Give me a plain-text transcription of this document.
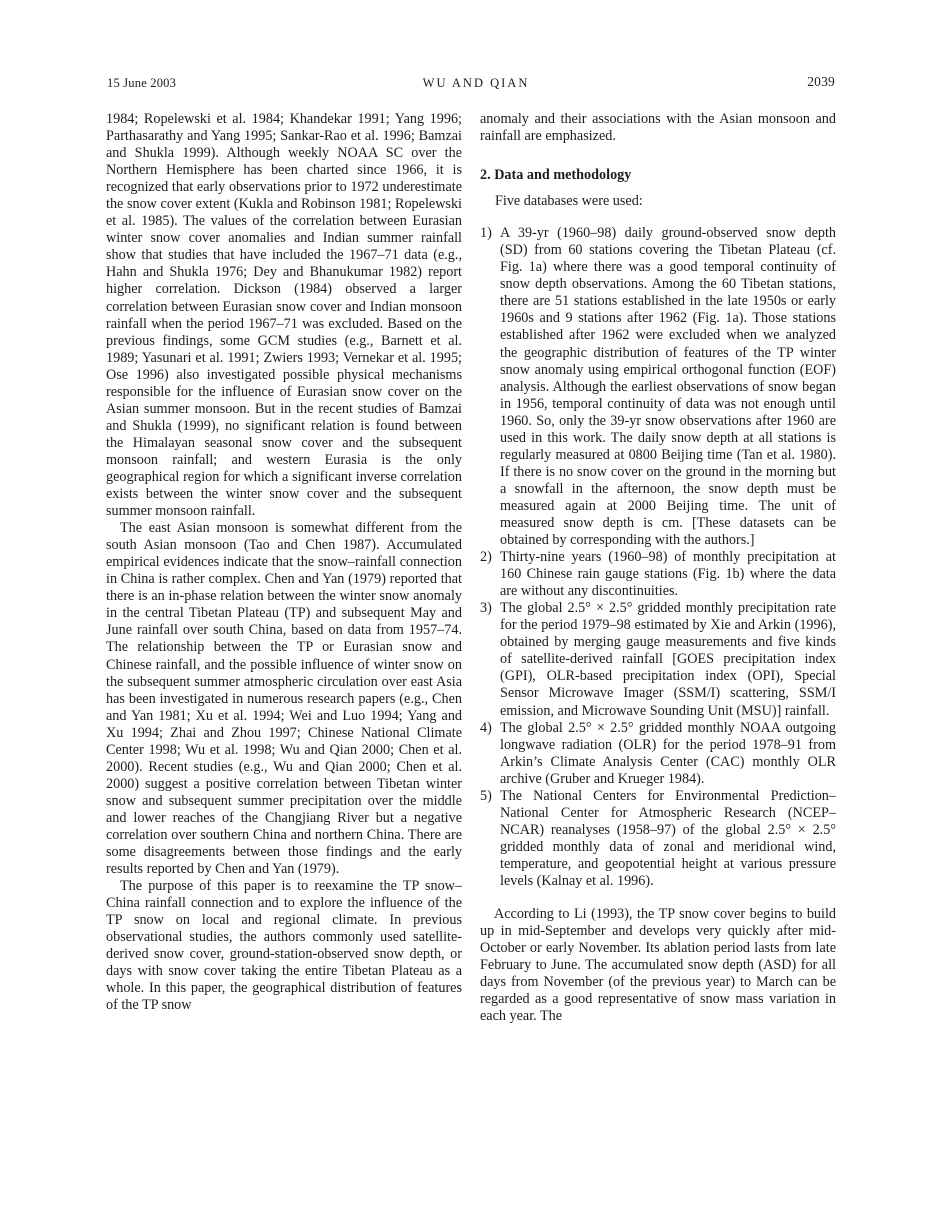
15 June 2003	WU AND QIAN	2039

1984; Ropelewski et al. 1984; Khandekar 1991; Yang 1996; Parthasarathy and Yang 1995; Sankar-Rao et al. 1996; Bamzai and Shukla 1999). Although weekly NOAA SC over the Northern Hemisphere has been charted since 1966, it is recognized that early observations prior to 1972 underestimate the snow cover extent (Kukla and Robinson 1981; Ropelewski et al. 1985). The values of the correlation between Eurasian winter snow cover anomalies and Indian summer rainfall show that studies that have included the 1967–71 data (e.g., Hahn and Shukla 1976; Dey and Bhanukumar 1982) report higher correlation. Dickson (1984) observed a larger correlation between Eurasian snow cover and Indian monsoon rainfall when the period 1967–71 was excluded. Based on the previous findings, some GCM studies (e.g., Barnett et al. 1989; Yasunari et al. 1991; Zwiers 1993; Vernekar et al. 1995; Ose 1996) also investigated possible physical mechanisms responsible for the influence of Eurasian snow cover on the Asian summer monsoon. But in the recent studies of Bamzai and Shukla (1999), no significant relation is found between the Himalayan seasonal snow cover and the subsequent monsoon rainfall; and western Eurasia is the only geographical region for which a significant inverse correlation exists between the winter snow cover and the subsequent summer monsoon rainfall.

The east Asian monsoon is somewhat different from the south Asian monsoon (Tao and Chen 1987). Accumulated empirical evidences indicate that the snow–rainfall connection in China is rather complex. Chen and Yan (1979) reported that there is an in-phase relation between the winter snow anomaly in the central Tibetan Plateau (TP) and subsequent May and June rainfall over south China, based on data from 1957–74. The relationship between the TP or Eurasian snow and Chinese rainfall, and the possible influence of winter snow on the subsequent summer atmospheric circulation over east Asia has been investigated in numerous research papers (e.g., Chen and Yan 1981; Xu et al. 1994; Wei and Luo 1994; Yang and Xu 1994; Zhai and Zhou 1997; Chinese National Climate Center 1998; Wu et al. 1998; Wu and Qian 2000; Chen et al. 2000). Recent studies (e.g., Wu and Qian 2000; Chen et al. 2000) suggest a positive correlation between Tibetan winter snow and subsequent summer precipitation over the middle and lower reaches of the Changjiang River but a negative correlation over southern China and northern China. There are some disagreements between those findings and the early results reported by Chen and Yan (1979).

The purpose of this paper is to reexamine the TP snow–China rainfall connection and to explore the influence of the TP snow on local and regional climate. In previous observational studies, the authors commonly used satellite-derived snow cover, ground-station-observed snow depth, or days with snow cover taking the entire Tibetan Plateau as a whole. In this paper, the geographical distribution of features of the TP snow

anomaly and their associations with the Asian monsoon and rainfall are emphasized.

2. Data and methodology

Five databases were used:

1) A 39-yr (1960–98) daily ground-observed snow depth (SD) from 60 stations covering the Tibetan Plateau (cf. Fig. 1a) where there was a good temporal continuity of snow depth observations. Among the 60 Tibetan stations, there are 51 stations established in the late 1950s or early 1960s and 9 stations after 1962 (Fig. 1a). Those stations established after 1962 were excluded when we analyzed the geographic distribution of features of the TP winter snow anomaly using empirical orthogonal function (EOF) analysis. Although the earliest observations of snow began in 1956, temporal continuity of data was not enough until 1960. So, only the 39-yr snow observations after 1960 are used in this work. The daily snow depth at all stations is regularly measured at 0800 Beijing time (Tan et al. 1980). If there is no snow cover on the ground in the morning but a snowfall in the afternoon, the snow depth must be measured again at 2000 Beijing time. The unit of measured snow depth is cm. [These datasets can be obtained by corresponding with the authors.]
2) Thirty-nine years (1960–98) of monthly precipitation at 160 Chinese rain gauge stations (Fig. 1b) where the data are without any discontinuities.
3) The global 2.5° × 2.5° gridded monthly precipitation rate for the period 1979–98 estimated by Xie and Arkin (1996), obtained by merging gauge measurements and five kinds of satellite-derived rainfall [GOES precipitation index (GPI), OLR-based precipitation index (OPI), Special Sensor Microwave Imager (SSM/I) scattering, SSM/I emission, and Microwave Sounding Unit (MSU)] rainfall.
4) The global 2.5° × 2.5° gridded monthly NOAA outgoing longwave radiation (OLR) for the period 1978–91 from Arkin’s Climate Analysis Center (CAC) monthly OLR archive (Gruber and Krueger 1984).
5) The National Centers for Environmental Prediction–National Center for Atmospheric Research (NCEP–NCAR) reanalyses (1958–97) of the global 2.5° × 2.5° gridded monthly data of zonal and meridional wind, temperature, and geopotential height at various pressure levels (Kalnay et al. 1996).

According to Li (1993), the TP snow cover begins to build up in mid-September and develops very quickly after mid-October or early November. Its ablation period lasts from late February to June. The accumulated snow depth (ASD) for all days from November (of the previous year) to March can be regarded as a good representative of snow mass variation in each year. The
